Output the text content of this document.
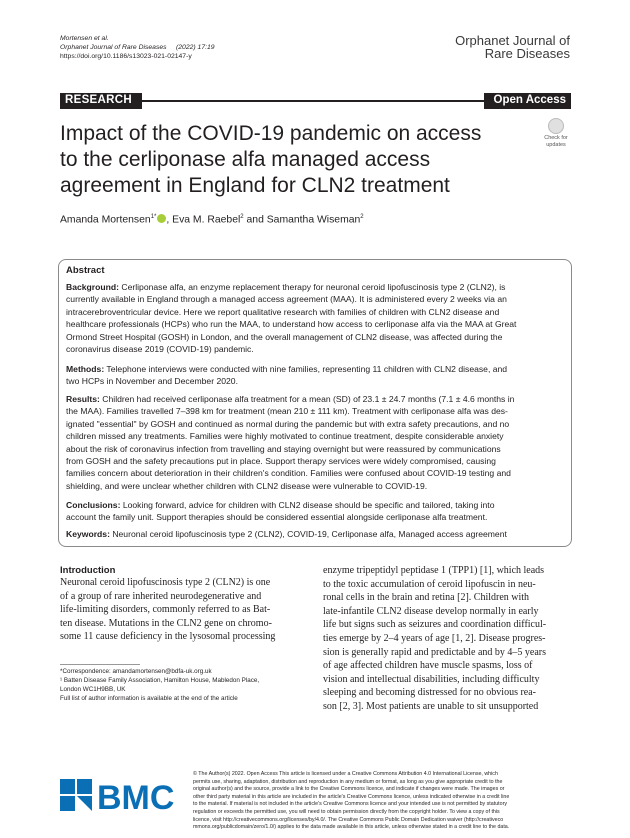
Mortensen et al.
Orphanet Journal of Rare Diseases (2022) 17:19
https://doi.org/10.1186/s13023-021-02147-y
Orphanet Journal of
Rare Diseases
RESEARCH	Open Access
Impact of the COVID-19 pandemic on access
to the cerliponase alfa managed access
agreement in England for CLN2 treatment
Check for
updates
Amanda Mortensen$^{1*}$ , Eva M. Raebel$^2$ and Samantha Wiseman$^2$
Abstract
Background: Cerliponase alfa, an enzyme replacement therapy for neuronal ceroid lipofuscinosis type 2 (CLN2), is
currently available in England through a managed access agreement (MAA). It is administered every 2 weeks via an
intracerebroventricular device. Here we report qualitative research with families of children with CLN2 disease and
healthcare professionals (HCPs) who run the MAA, to understand how access to cerliponase alfa via the MAA at Great
Ormond Street Hospital (GOSH) in London, and the overall management of CLN2 disease, was affected during the
coronavirus disease 2019 (COVID-19) pandemic.
Methods: Telephone interviews were conducted with nine families, representing 11 children with CLN2 disease, and
two HCPs in November and December 2020.
Results: Children had received cerliponase alfa treatment for a mean (SD) of 23.1 ± 24.7 months (7.1 ± 4.6 months in
the MAA). Families travelled 7–398 km for treatment (mean 210 ± 111 km). Treatment with cerliponase alfa was des-
ignated "essential" by GOSH and continued as normal during the pandemic but with extra safety precautions, and no
children missed any treatments. Families were highly motivated to continue treatment, despite considerable anxiety
about the risk of coronavirus infection from travelling and staying overnight but were reassured by communications
from GOSH and the safety precautions put in place. Support therapy services were widely compromised, causing
families concern about deterioration in their children's condition. Families were confused about COVID-19 testing and
shielding, and were unclear whether children with CLN2 disease were vulnerable to COVID-19.
Conclusions: Looking forward, advice for children with CLN2 disease should be specific and tailored, taking into
account the family unit. Support therapies should be considered essential alongside cerliponase alfa treatment.
Keywords: Neuronal ceroid lipofuscinosis type 2 (CLN2), COVID-19, Cerliponase alfa, Managed access agreement
Introduction
Neuronal ceroid lipofuscinosis type 2 (CLN2) is one
of a group of rare inherited neurodegenerative and
life-limiting disorders, commonly referred to as Bat-
ten disease. Mutations in the CLN2 gene on chromo-
some 11 cause deficiency in the lysosomal processing
enzyme tripeptidyl peptidase 1 (TPP1) [1], which leads
to the toxic accumulation of ceroid lipofuscin in neu-
ronal cells in the brain and retina [2]. Children with
late-infantile CLN2 disease develop normally in early
life but signs such as seizures and coordination difficul-
ties emerge by 2–4 years of age [1, 2]. Disease progres-
sion is generally rapid and predictable and by 4–5 years
of age affected children have muscle spasms, loss of
vision and intellectual disabilities, including difficulty
sleeping and becoming distressed for no obvious rea-
son [2, 3]. Most patients are unable to sit unsupported
*Correspondence: amandamortensen@bdfa-uk.org.uk
¹ Batten Disease Family Association, Hamilton House, Mabledon Place,
London WC1H9BB, UK
Full list of author information is available at the end of the article
BMC
© The Author(s) 2022. Open Access This article is licensed under a Creative Commons Attribution 4.0 International License, which
permits use, sharing, adaptation, distribution and reproduction in any medium or format, as long as you give appropriate credit to the
original author(s) and the source, provide a link to the Creative Commons licence, and indicate if changes were made. The images or
other third party material in this article are included in the article's Creative Commons licence, unless indicated otherwise in a credit line
to the material. If material is not included in the article's Creative Commons licence and your intended use is not permitted by statutory
regulation or exceeds the permitted use, you will need to obtain permission directly from the copyright holder. To view a copy of this
licence, visit http://creativecommons.org/licenses/by/4.0/. The Creative Commons Public Domain Dedication waiver (http://creativeco
mmons.org/publicdomain/zero/1.0/) applies to the data made available in this article, unless otherwise stated in a credit line to the data.
